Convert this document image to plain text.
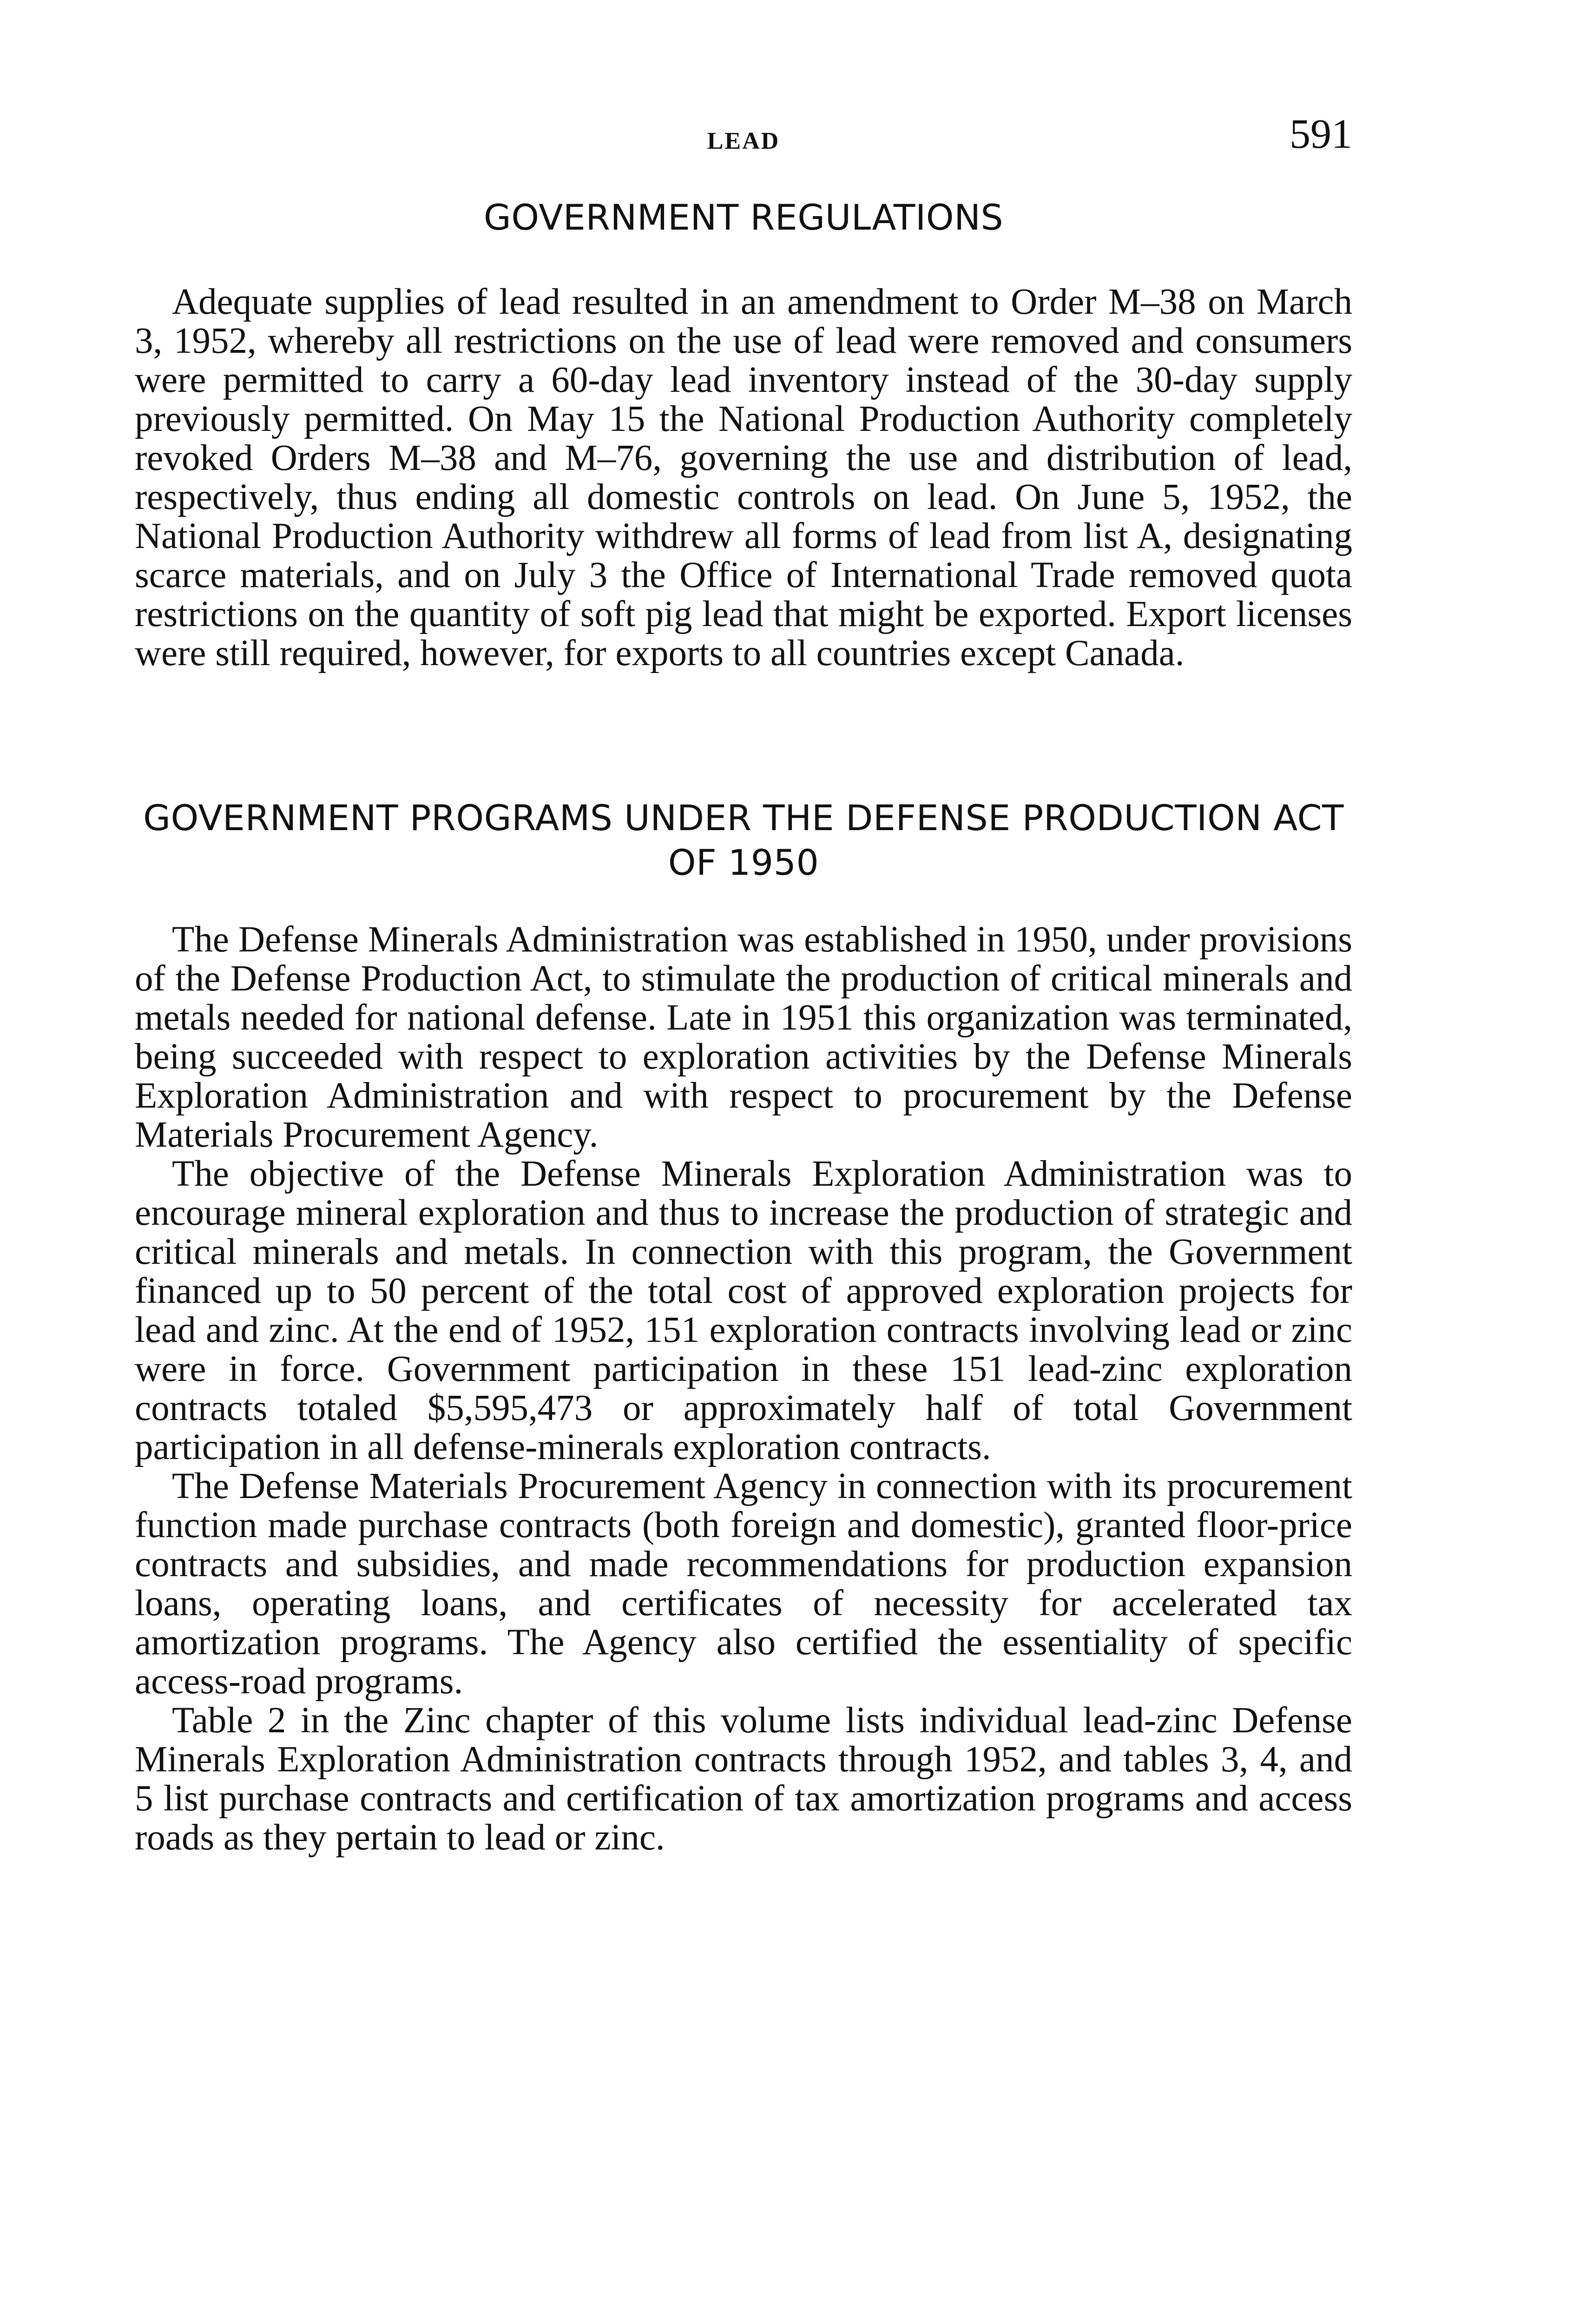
LEAD	591
GOVERNMENT REGULATIONS

Adequate supplies of lead resulted in an amendment to Order M–38 on March 3, 1952, whereby all restrictions on the use of lead were removed and consumers were permitted to carry a 60-day lead inventory instead of the 30-day supply previously permitted. On May 15 the National Production Authority completely revoked Orders M–38 and M–76, governing the use and distribution of lead, respectively, thus ending all domestic controls on lead. On June 5, 1952, the National Production Authority withdrew all forms of lead from list A, designating scarce materials, and on July 3 the Office of International Trade removed quota restrictions on the quantity of soft pig lead that might be exported. Export licenses were still required, however, for exports to all countries except Canada.

GOVERNMENT PROGRAMS UNDER THE DEFENSE PRODUCTION ACT OF 1950

The Defense Minerals Administration was established in 1950, under provisions of the Defense Production Act, to stimulate the production of critical minerals and metals needed for national defense. Late in 1951 this organization was terminated, being succeeded with respect to exploration activities by the Defense Minerals Exploration Administration and with respect to procurement by the Defense Materials Procurement Agency.

The objective of the Defense Minerals Exploration Administration was to encourage mineral exploration and thus to increase the production of strategic and critical minerals and metals. In connection with this program, the Government financed up to 50 percent of the total cost of approved exploration projects for lead and zinc. At the end of 1952, 151 exploration contracts involving lead or zinc were in force. Government participation in these 151 lead-zinc exploration contracts totaled $5,595,473 or approximately half of total Government participation in all defense-minerals exploration contracts.

The Defense Materials Procurement Agency in connection with its procurement function made purchase contracts (both foreign and domestic), granted floor-price contracts and subsidies, and made recommendations for production expansion loans, operating loans, and certificates of necessity for accelerated tax amortization programs. The Agency also certified the essentiality of specific access-road programs.

Table 2 in the Zinc chapter of this volume lists individual lead-zinc Defense Minerals Exploration Administration contracts through 1952, and tables 3, 4, and 5 list purchase contracts and certification of tax amortization programs and access roads as they pertain to lead or zinc.
